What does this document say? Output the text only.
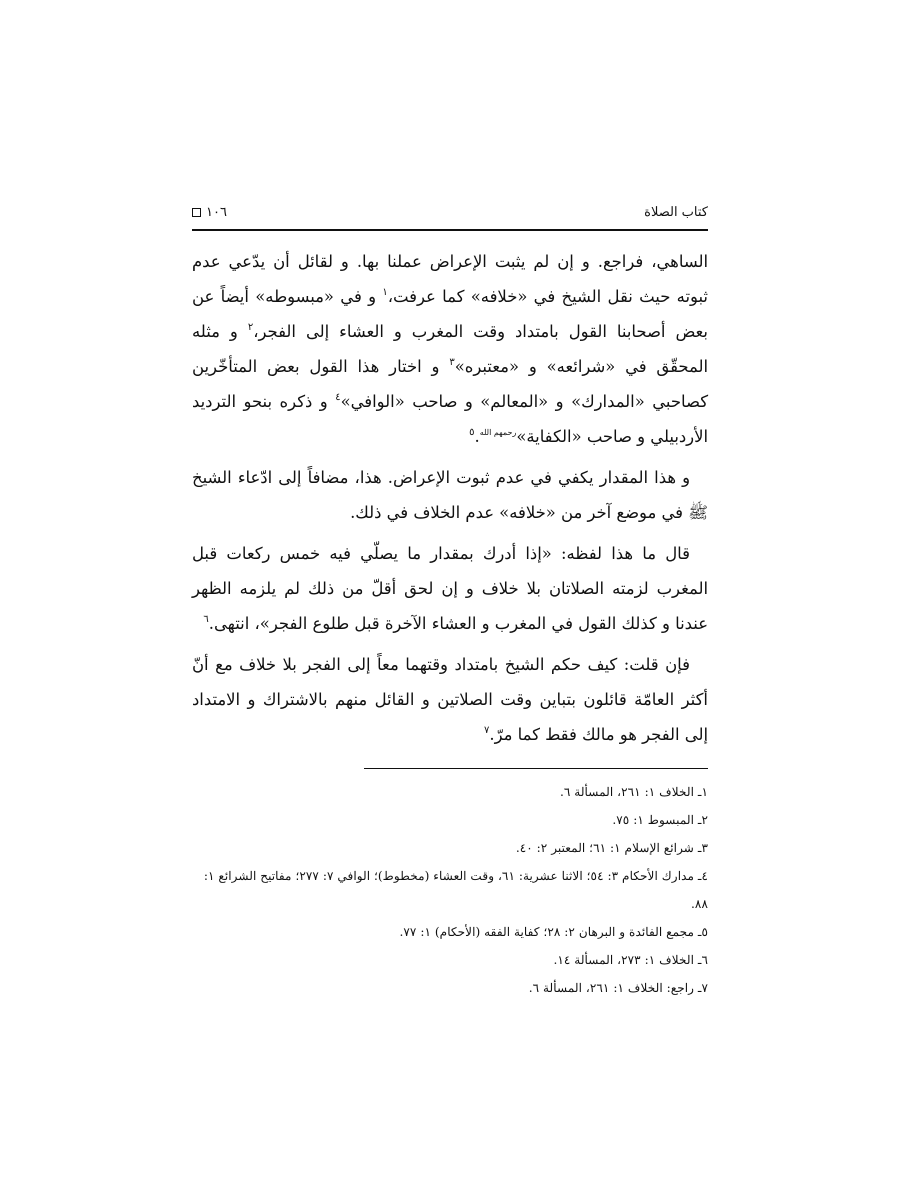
كتاب الصلاة
١٠٦

الساهي، فراجع. و إن لم يثبت الإعراض عملنا بها. و لقائل أن يدّعي عدم ثبوته حيث نقل الشيخ في «خلافه» كما عرفت،$^١$ و في «مبسوطه» أيضاً عن بعض أصحابنا القول بامتداد وقت المغرب و العشاء إلى الفجر،$^٢$ و مثله المحقّق في «شرائعه» و «معتبره»$^٣$ و اختار هذا القول بعض المتأخّرين كصاحبي «المدارك» و «المعالم» و صاحب «الوافي»$^٤$ و ذكره بنحو الترديد الأردبيلي و صاحب «الكفاية»$^{رحمهم الله}$.$^٥$

و هذا المقدار يكفي في عدم ثبوت الإعراض. هذا، مضافاً إلى ادّعاء الشيخ ﷺ في موضع آخر من «خلافه» عدم الخلاف في ذلك.

قال ما هذا لفظه: «إذا أدرك بمقدار ما يصلّي فيه خمس ركعات قبل المغرب لزمته الصلاتان بلا خلاف و إن لحق أقلّ من ذلك لم يلزمه الظهر عندنا و كذلك القول في المغرب و العشاء الآخرة قبل طلوع الفجر»، انتهى.$^٦$

فإن قلت: كيف حكم الشيخ بامتداد وقتهما معاً إلى الفجر بلا خلاف مع أنّ أكثر العامّة قائلون بتباين وقت الصلاتين و القائل منهم بالاشتراك و الامتداد إلى الفجر هو مالك فقط كما مرّ.$^٧$

١ـ الخلاف ١: ٢٦١، المسألة ٦.

٢ـ المبسوط ١: ٧٥.

٣ـ شرائع الإسلام ١: ٦١؛ المعتبر ٢: ٤٠.

٤ـ مدارك الأحكام ٣: ٥٤؛ الاثنا عشرية: ٦١، وقت العشاء (مخطوط)؛ الوافي ٧: ٢٧٧؛ مفاتيح الشرائع ١: ٨٨.

٥ـ مجمع الفائدة و البرهان ٢: ٢٨؛ كفاية الفقه (الأحكام) ١: ٧٧.

٦ـ الخلاف ١: ٢٧٣، المسألة ١٤.

٧ـ راجع: الخلاف ١: ٢٦١، المسألة ٦.
